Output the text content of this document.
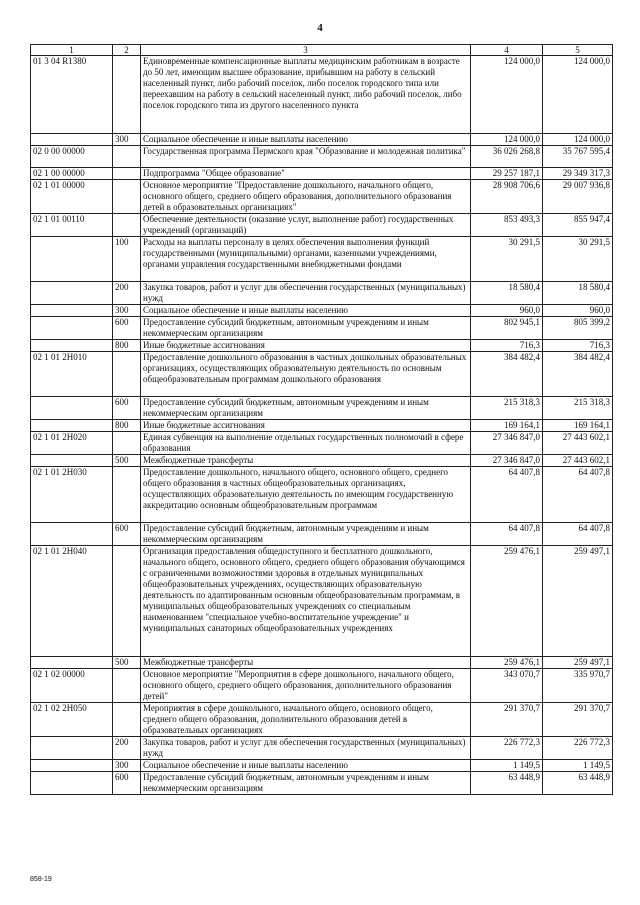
4
1	2	3	4	5
01 3 04 R1380		Единовременные компенсационные выплаты медицинским работникам в возрасте до 50 лет, имеющим высшее образование, прибывшим на работу в сельский населенный пункт, либо рабочий поселок, либо поселок городского типа или переехавшим на работу в сельский населенный пункт, либо рабочий поселок, либо поселок городского типа из другого населенного пункта	124 000,0	124 000,0
	300	Социальное обеспечение и иные выплаты населению	124 000,0	124 000,0
02 0 00 00000		Государственная программа Пермского края "Образование и молодежная политика"	36 026 268,8	35 767 595,4
02 1 00 00000		Подпрограмма "Общее образование"	29 257 187,1	29 349 317,3
02 1 01 00000		Основное мероприятие "Предоставление дошкольного, начального общего, основного общего, среднего общего образования, дополнительного образования детей в образовательных организациях"	28 908 706,6	29 007 936,8
02 1 01 00110		Обеспечение деятельности (оказание услуг, выполнение работ) государственных учреждений (организаций)	853 493,3	855 947,4
	100	Расходы на выплаты персоналу в целях обеспечения выполнения функций государственными (муниципальными) органами, казенными учреждениями, органами управления государственными внебюджетными фондами	30 291,5	30 291,5
	200	Закупка товаров, работ и услуг для обеспечения государственных (муниципальных) нужд	18 580,4	18 580,4
	300	Социальное обеспечение и иные выплаты населению	960,0	960,0
	600	Предоставление субсидий бюджетным, автономным учреждениям и иным некоммерческим организациям	802 945,1	805 399,2
	800	Иные бюджетные ассигнования	716,3	716,3
02 1 01 2Н010		Предоставление дошкольного образования в частных дошкольных образовательных организациях, осуществляющих образовательную деятельность по основным общеобразовательным программам дошкольного образования	384 482,4	384 482,4
	600	Предоставление субсидий бюджетным, автономным учреждениям и иным некоммерческим организациям	215 318,3	215 318,3
	800	Иные бюджетные ассигнования	169 164,1	169 164,1
02 1 01 2Н020		Единая субвенция на выполнение отдельных государственных полномочий в сфере образования	27 346 847,0	27 443 602,1
	500	Межбюджетные трансферты	27 346 847,0	27 443 602,1
02 1 01 2Н030		Предоставление дошкольного, начального общего, основного общего, среднего общего образования в частных общеобразовательных организациях, осуществляющих образовательную деятельность по имеющим государственную аккредитацию основным общеобразовательным программам	64 407,8	64 407,8
	600	Предоставление субсидий бюджетным, автономным учреждениям и иным некоммерческим организациям	64 407,8	64 407,8
02 1 01 2Н040		Организация предоставления общедоступного и бесплатного дошкольного, начального общего, основного общего, среднего общего образования обучающимся с ограниченными возможностями здоровья в отдельных муниципальных общеобразовательных учреждениях, осуществляющих образовательную деятельность по адаптированным основным общеобразовательным программам, в муниципальных общеобразовательных учреждениях со специальным наименованием "специальное учебно-воспитательное учреждение" и муниципальных санаторных общеобразовательных учреждениях	259 476,1	259 497,1
	500	Межбюджетные трансферты	259 476,1	259 497,1
02 1 02 00000		Основное мероприятие "Мероприятия в сфере дошкольного, начального общего, основного общего, среднего общего образования, дополнительного образования детей"	343 070,7	335 970,7
02 1 02 2Н050		Мероприятия в сфере дошкольного, начального общего, основного общего, среднего общего образования, дополнительного образования детей в образовательных организациях	291 370,7	291 370,7
	200	Закупка товаров, работ и услуг для обеспечения государственных (муниципальных) нужд	226 772,3	226 772,3
	300	Социальное обеспечение и иные выплаты населению	1 149,5	1 149,5
	600	Предоставление субсидий бюджетным, автономным учреждениям и иным некоммерческим организациям	63 448,9	63 448,9
858-19
